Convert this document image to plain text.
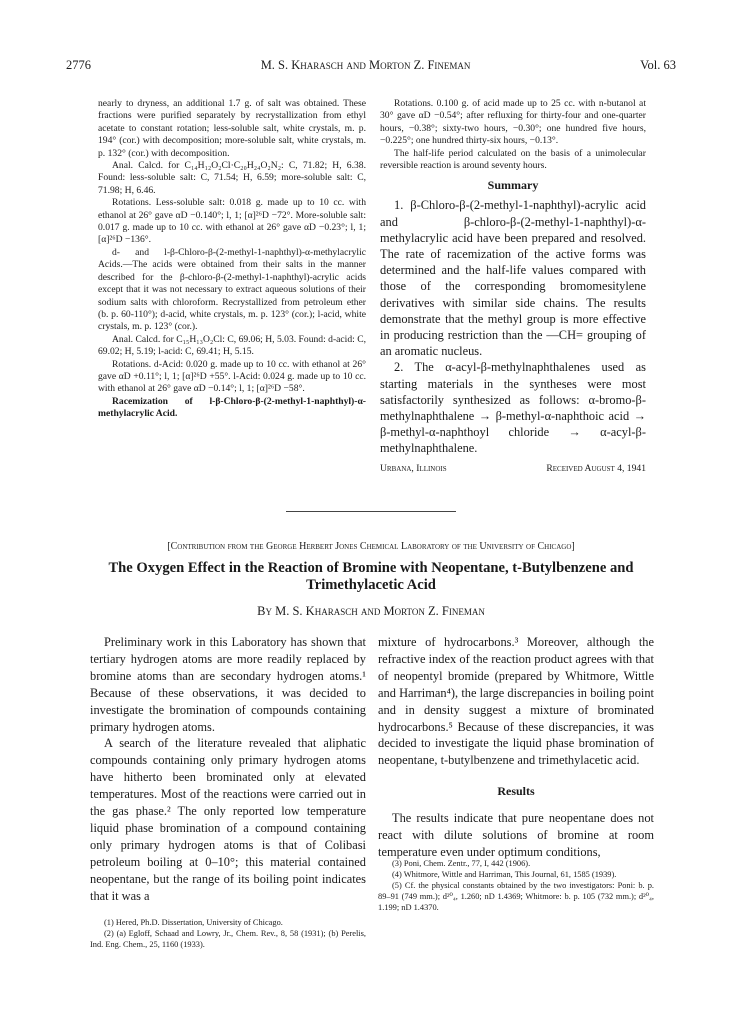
2776	M. S. Kharasch and Morton Z. Fineman	Vol. 63

nearly to dryness, an additional 1.7 g. of salt was obtained. These fractions were purified separately by recrystallization from ethyl acetate to constant rotation; less-soluble salt, white crystals, m. p. 194° (cor.) with decomposition; more-soluble salt, white crystals, m. p. 132° (cor.) with decomposition.

Anal. Calcd. for C₁₄H₁₂O₂Cl·C₂₀H₂₄O₂N₂: C, 71.82; H, 6.38. Found: less-soluble salt: C, 71.54; H, 6.59; more-soluble salt: C, 71.98; H, 6.46.

Rotations. Less-soluble salt: 0.018 g. made up to 10 cc. with ethanol at 26° gave αD −0.140°; l, 1; [α]²⁶D −72°. More-soluble salt: 0.017 g. made up to 10 cc. with ethanol at 26° gave αD −0.23°; l, 1; [α]²⁶D −136°.

d- and l-β-Chloro-β-(2-methyl-1-naphthyl)-α-methylacrylic Acids.—The acids were obtained from their salts in the manner described for the β-chloro-β-(2-methyl-1-naphthyl)-acrylic acids except that it was not necessary to extract aqueous solutions of their sodium salts with chloroform. Recrystallized from petroleum ether (b. p. 60-110°); d-acid, white crystals, m. p. 123° (cor.); l-acid, white crystals, m. p. 123° (cor.).

Anal. Calcd. for C₁₅H₁₃O₂Cl: C, 69.06; H, 5.03. Found: d-acid: C, 69.02; H, 5.19; l-acid: C, 69.41; H, 5.15.

Rotations. d-Acid: 0.020 g. made up to 10 cc. with ethanol at 26° gave αD +0.11°; l, 1; [α]²⁶D +55°. l-Acid: 0.024 g. made up to 10 cc. with ethanol at 26° gave αD −0.14°; l, 1; [α]²⁶D −58°.

Racemization of l-β-Chloro-β-(2-methyl-1-naphthyl)-α-methylacrylic Acid.

Rotations. 0.100 g. of acid made up to 25 cc. with n-butanol at 30° gave αD −0.54°; after refluxing for thirty-four and one-quarter hours, −0.38°; sixty-two hours, −0.30°; one hundred five hours, −0.225°; one hundred thirty-six hours, −0.13°.

The half-life period calculated on the basis of a unimolecular reversible reaction is around seventy hours.

Summary

1. β-Chloro-β-(2-methyl-1-naphthyl)-acrylic acid and β-chloro-β-(2-methyl-1-naphthyl)-α-methylacrylic acid have been prepared and resolved. The rate of racemization of the active forms was determined and the half-life values compared with those of the corresponding bromomesitylene derivatives with similar side chains. The results demonstrate that the methyl group is more effective in producing restriction than the —CH= grouping of an aromatic nucleus.

2. The α-acyl-β-methylnaphthalenes used as starting materials in the syntheses were most satisfactorily synthesized as follows: α-bromo-β-methylnaphthalene → β-methyl-α-naphthoic acid → β-methyl-α-naphthoyl chloride → α-acyl-β-methylnaphthalene.

Urbana, Illinois	Received August 4, 1941
[Contribution from the George Herbert Jones Chemical Laboratory of the University of Chicago]
The Oxygen Effect in the Reaction of Bromine with Neopentane, t-Butylbenzene and Trimethylacetic Acid
By M. S. Kharasch and Morton Z. Fineman

Preliminary work in this Laboratory has shown that tertiary hydrogen atoms are more readily replaced by bromine atoms than are secondary hydrogen atoms.¹ Because of these observations, it was decided to investigate the bromination of compounds containing primary hydrogen atoms.

A search of the literature revealed that aliphatic compounds containing only primary hydrogen atoms have hitherto been brominated only at elevated temperatures. Most of the reactions were carried out in the gas phase.² The only reported low temperature liquid phase bromination of a compound containing only primary hydrogen atoms is that of Colibasi petroleum boiling at 0–10°; this material contained neopentane, but the range of its boiling point indicates that it was a

mixture of hydrocarbons.³ Moreover, although the refractive index of the reaction product agrees with that of neopentyl bromide (prepared by Whitmore, Wittle and Harriman⁴), the large discrepancies in boiling point and in density suggest a mixture of brominated hydrocarbons.⁵ Because of these discrepancies, it was decided to investigate the liquid phase bromination of neopentane, t-butylbenzene and trimethylacetic acid.

Results

The results indicate that pure neopentane does not react with dilute solutions of bromine at room temperature even under optimum conditions,

(1) Hered, Ph.D. Dissertation, University of Chicago.

(2) (a) Egloff, Schaad and Lowry, Jr., Chem. Rev., 8, 58 (1931); (b) Perelis, Ind. Eng. Chem., 25, 1160 (1933).

(3) Poni, Chem. Zentr., 77, I, 442 (1906).

(4) Whitmore, Wittle and Harriman, This Journal, 61, 1585 (1939).

(5) Cf. the physical constants obtained by the two investigators: Poni: b. p. 89–91 (749 mm.); d²⁰₄, 1.260; nD 1.4369; Whitmore: b. p. 105 (732 mm.); d²⁰₄, 1.199; nD 1.4370.
